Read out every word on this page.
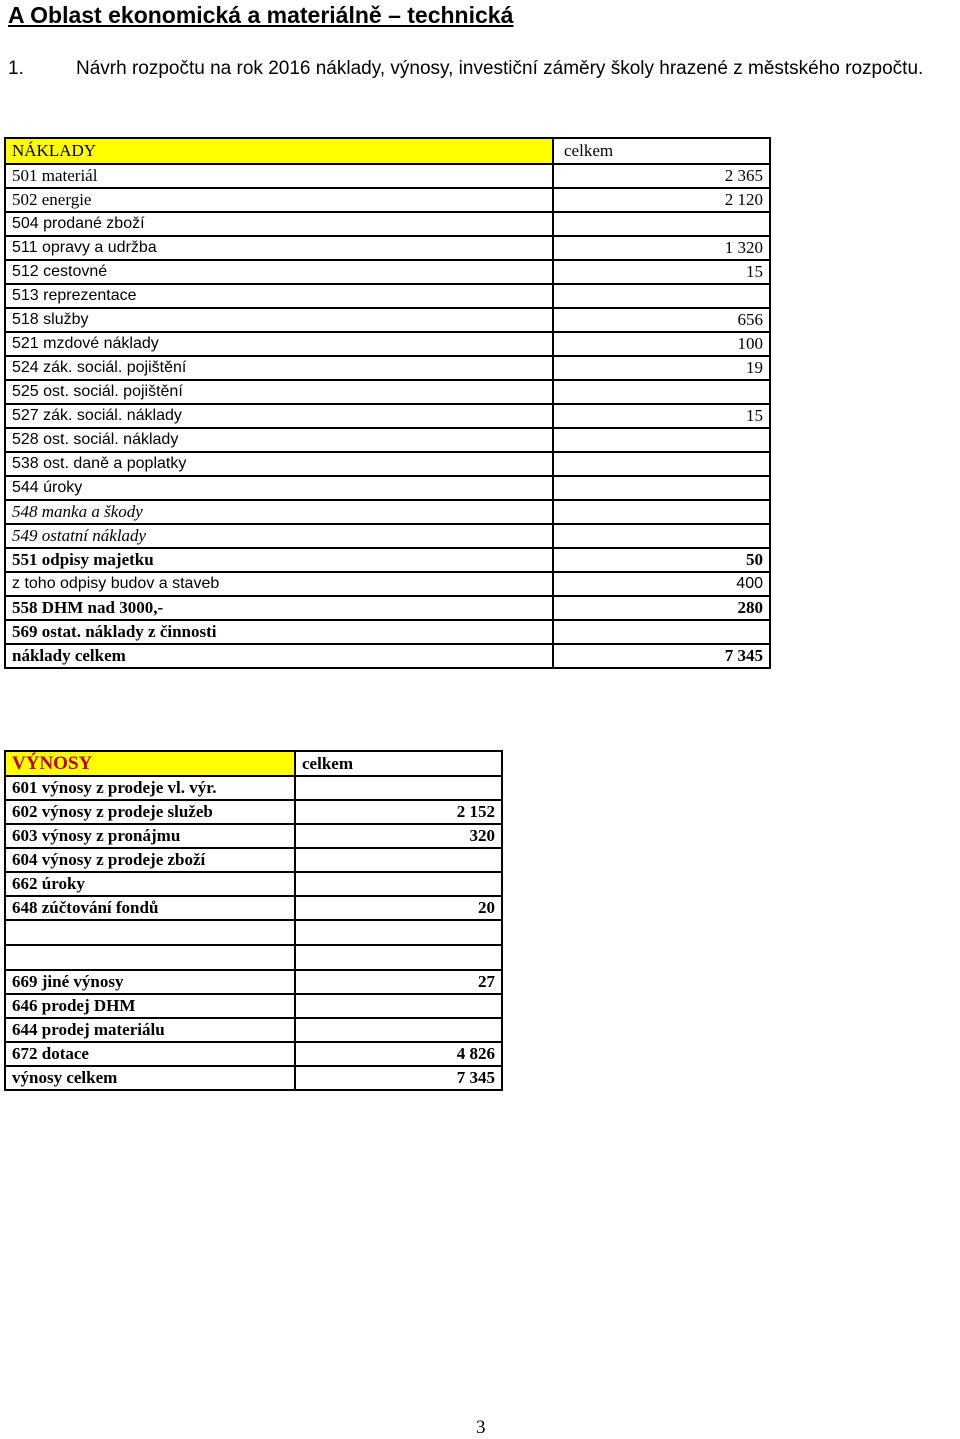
A Oblast ekonomická a materiálně – technická

1.	Návrh rozpočtu na rok 2016 náklady, výnosy, investiční záměry školy hrazené z městského rozpočtu.

NÁKLADY	celkem
501 materiál	2 365
502 energie	2 120
504 prodané zboží	
511 opravy a udržba	1 320
512 cestovné	15
513 reprezentace	
518 služby	656
521 mzdové náklady	100
524 zák. sociál. pojištění	19
525 ost. sociál. pojištění	
527 zák. sociál. náklady	15
528 ost. sociál. náklady	
538 ost. daně a poplatky	
544 úroky	
548 manka a škody	
549 ostatní náklady	
551 odpisy majetku	50
z toho odpisy budov a staveb	400
558 DHM nad 3000,-	280
569 ostat. náklady z činnosti	
náklady celkem	7 345
VÝNOSY	celkem
601 výnosy z prodeje vl. výr.	
602 výnosy z prodeje služeb	2 152
603 výnosy z pronájmu	320
604 výnosy z prodeje zboží	
662 úroky	
648 zúčtování fondů	20

669 jiné výnosy	27
646 prodej DHM	
644 prodej materiálu	
672 dotace	4 826
výnosy celkem	7 345
3
